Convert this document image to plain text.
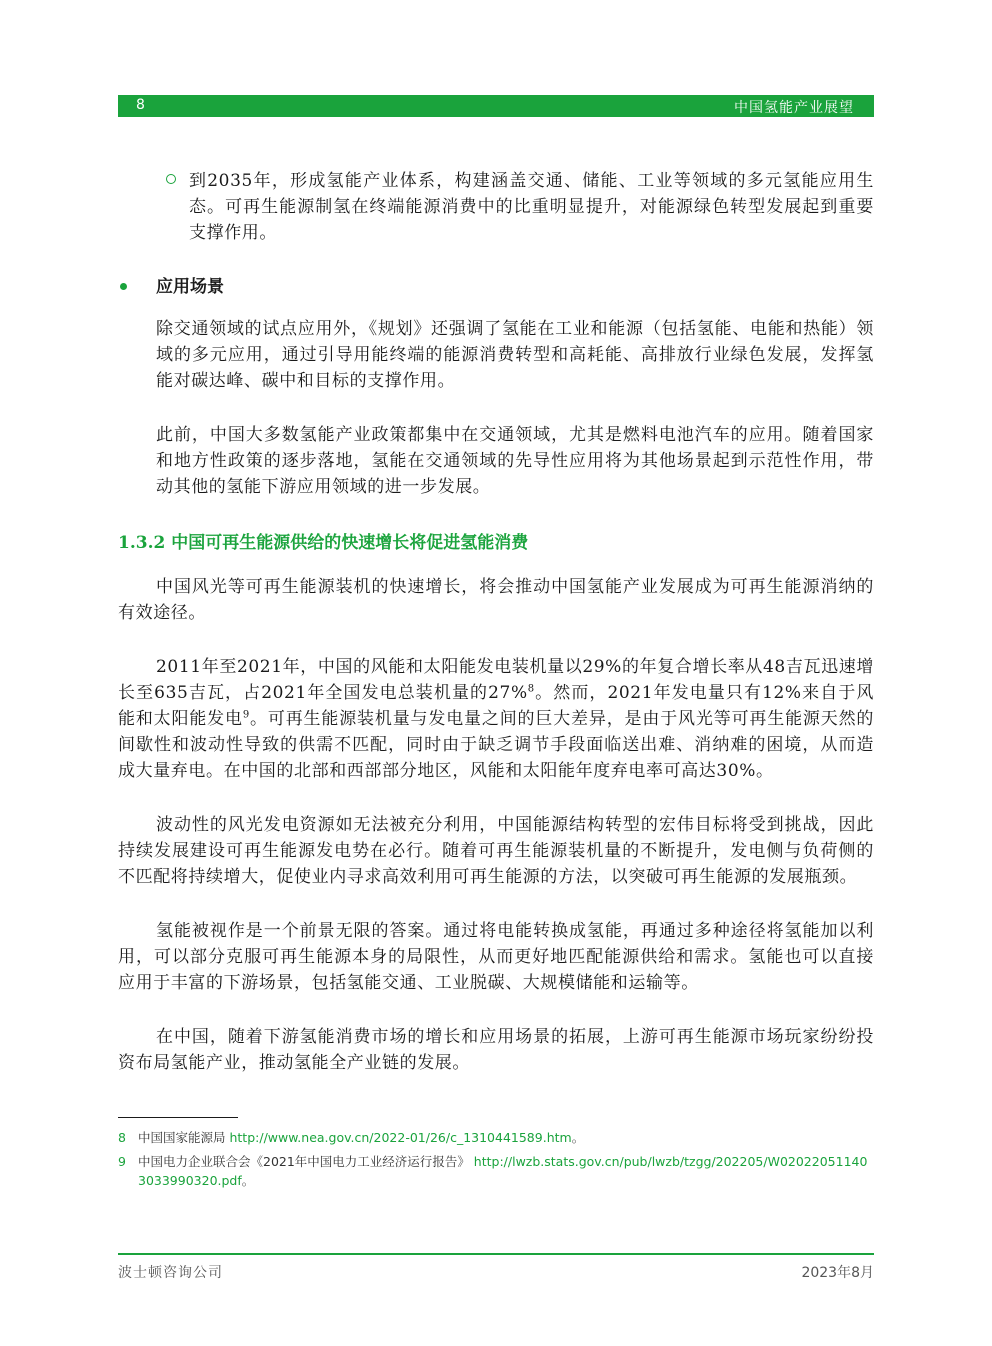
8	中国氢能产业展望

到2035年，形成氢能产业体系，构建涵盖交通、储能、工业等领域的多元氢能应用生态。可再生能源制氢在终端能源消费中的比重明显提升，对能源绿色转型发展起到重要支撑作用。

应用场景

除交通领域的试点应用外，《规划》还强调了氢能在工业和能源（包括氢能、电能和热能）领域的多元应用，通过引导用能终端的能源消费转型和高耗能、高排放行业绿色发展，发挥氢能对碳达峰、碳中和目标的支撑作用。

此前，中国大多数氢能产业政策都集中在交通领域，尤其是燃料电池汽车的应用。随着国家和地方性政策的逐步落地，氢能在交通领域的先导性应用将为其他场景起到示范性作用，带动其他的氢能下游应用领域的进一步发展。

1.3.2 中国可再生能源供给的快速增长将促进氢能消费

中国风光等可再生能源装机的快速增长，将会推动中国氢能产业发展成为可再生能源消纳的有效途径。

2011年至2021年，中国的风能和太阳能发电装机量以29%的年复合增长率从48吉瓦迅速增长至635吉瓦，占2021年全国发电总装机量的27%$^8$。然而，2021年发电量只有12%来自于风能和太阳能发电$^9$。可再生能源装机量与发电量之间的巨大差异，是由于风光等可再生能源天然的间歇性和波动性导致的供需不匹配，同时由于缺乏调节手段面临送出难、消纳难的困境，从而造成大量弃电。在中国的北部和西部部分地区，风能和太阳能年度弃电率可高达30%。

波动性的风光发电资源如无法被充分利用，中国能源结构转型的宏伟目标将受到挑战，因此持续发展建设可再生能源发电势在必行。随着可再生能源装机量的不断提升，发电侧与负荷侧的不匹配将持续增大，促使业内寻求高效利用可再生能源的方法，以突破可再生能源的发展瓶颈。

氢能被视作是一个前景无限的答案。通过将电能转换成氢能，再通过多种途径将氢能加以利用，可以部分克服可再生能源本身的局限性，从而更好地匹配能源供给和需求。氢能也可以直接应用于丰富的下游场景，包括氢能交通、工业脱碳、大规模储能和运输等。

在中国，随着下游氢能消费市场的增长和应用场景的拓展，上游可再生能源市场玩家纷纷投资布局氢能产业，推动氢能全产业链的发展。

8 中国国家能源局 http://www.nea.gov.cn/2022-01/26/c_1310441589.htm。
9 中国电力企业联合会《2021年中国电力工业经济运行报告》 http://lwzb.stats.gov.cn/pub/lwzb/tzgg/202205/W020220511403033990320.pdf。
波士顿咨询公司	2023年8月
